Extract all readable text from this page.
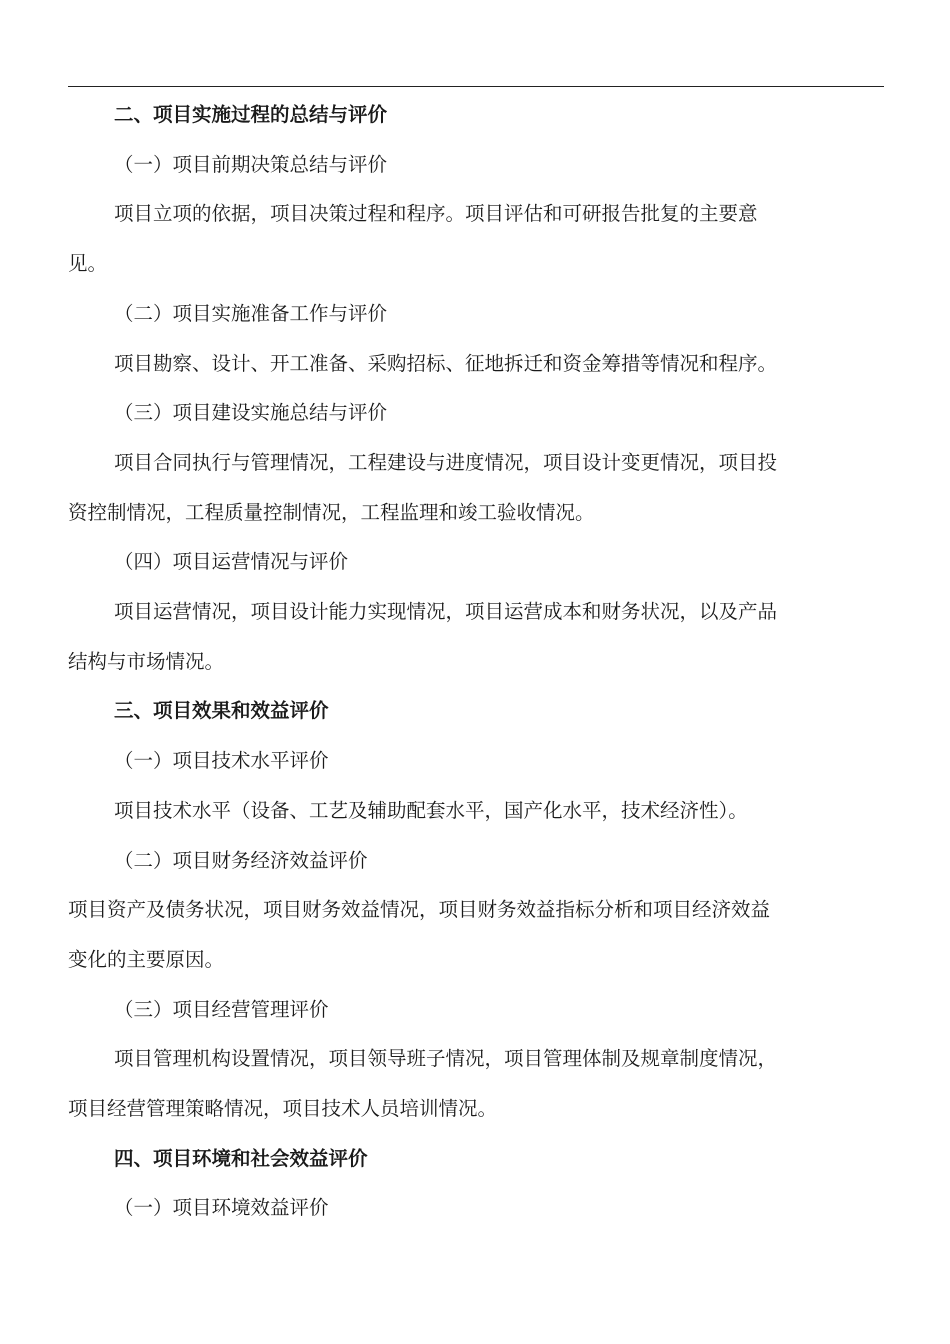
二、项目实施过程的总结与评价
（一）项目前期决策总结与评价
项目立项的依据，项目决策过程和程序。项目评估和可研报告批复的主要意
见。
（二）项目实施准备工作与评价
项目勘察、设计、开工准备、采购招标、征地拆迁和资金筹措等情况和程序。
（三）项目建设实施总结与评价
项目合同执行与管理情况，工程建设与进度情况，项目设计变更情况，项目投
资控制情况，工程质量控制情况，工程监理和竣工验收情况。
（四）项目运营情况与评价
项目运营情况，项目设计能力实现情况，项目运营成本和财务状况，以及产品
结构与市场情况。
三、项目效果和效益评价
（一）项目技术水平评价
项目技术水平（设备、工艺及辅助配套水平，国产化水平，技术经济性）。
（二）项目财务经济效益评价
项目资产及债务状况，项目财务效益情况，项目财务效益指标分析和项目经济效益
变化的主要原因。
（三）项目经营管理评价
项目管理机构设置情况，项目领导班子情况，项目管理体制及规章制度情况，
项目经营管理策略情况，项目技术人员培训情况。
四、项目环境和社会效益评价
（一）项目环境效益评价
